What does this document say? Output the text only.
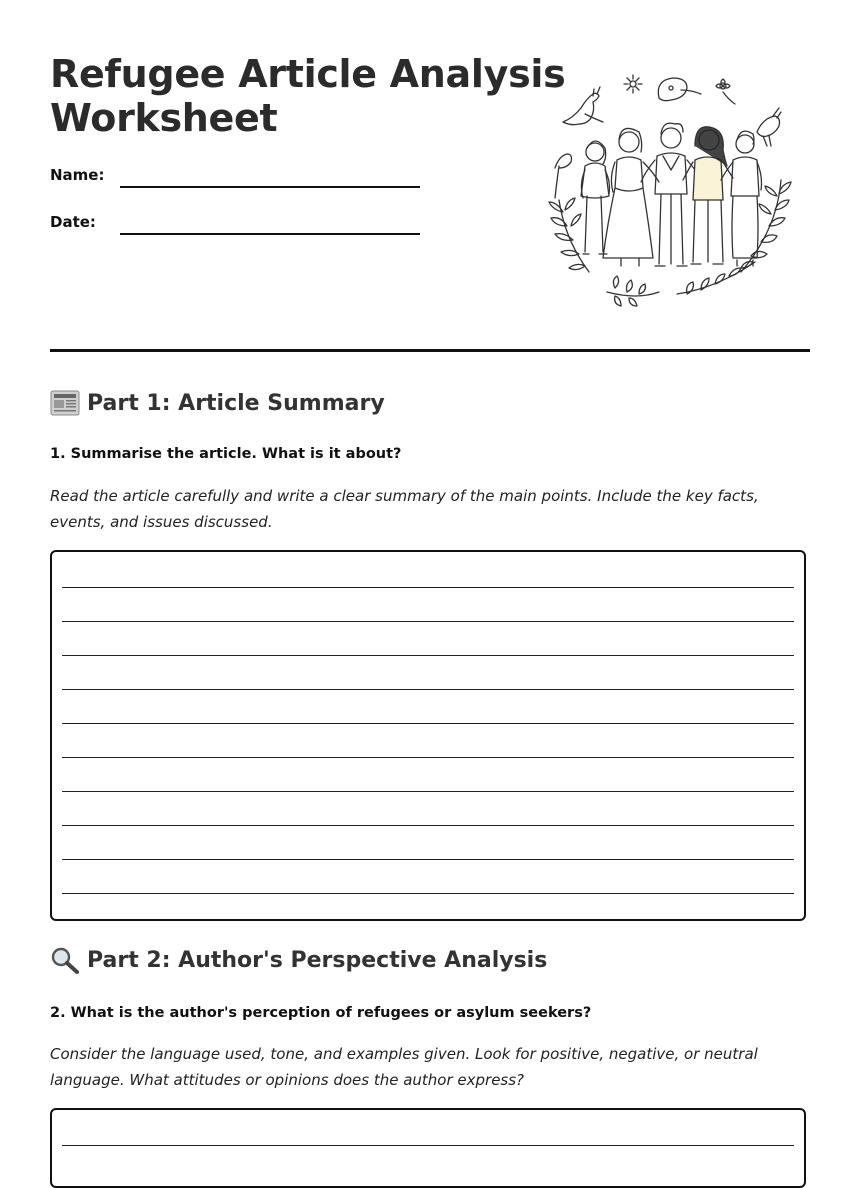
Refugee Article Analysis Worksheet
Name:
Date:
Part 1: Article Summary

1. Summarise the article. What is it about?

Read the article carefully and write a clear summary of the main points. Include the key facts, events, and issues discussed.

Part 2: Author's Perspective Analysis

2. What is the author's perception of refugees or asylum seekers?

Consider the language used, tone, and examples given. Look for positive, negative, or neutral language. What attitudes or opinions does the author express?
